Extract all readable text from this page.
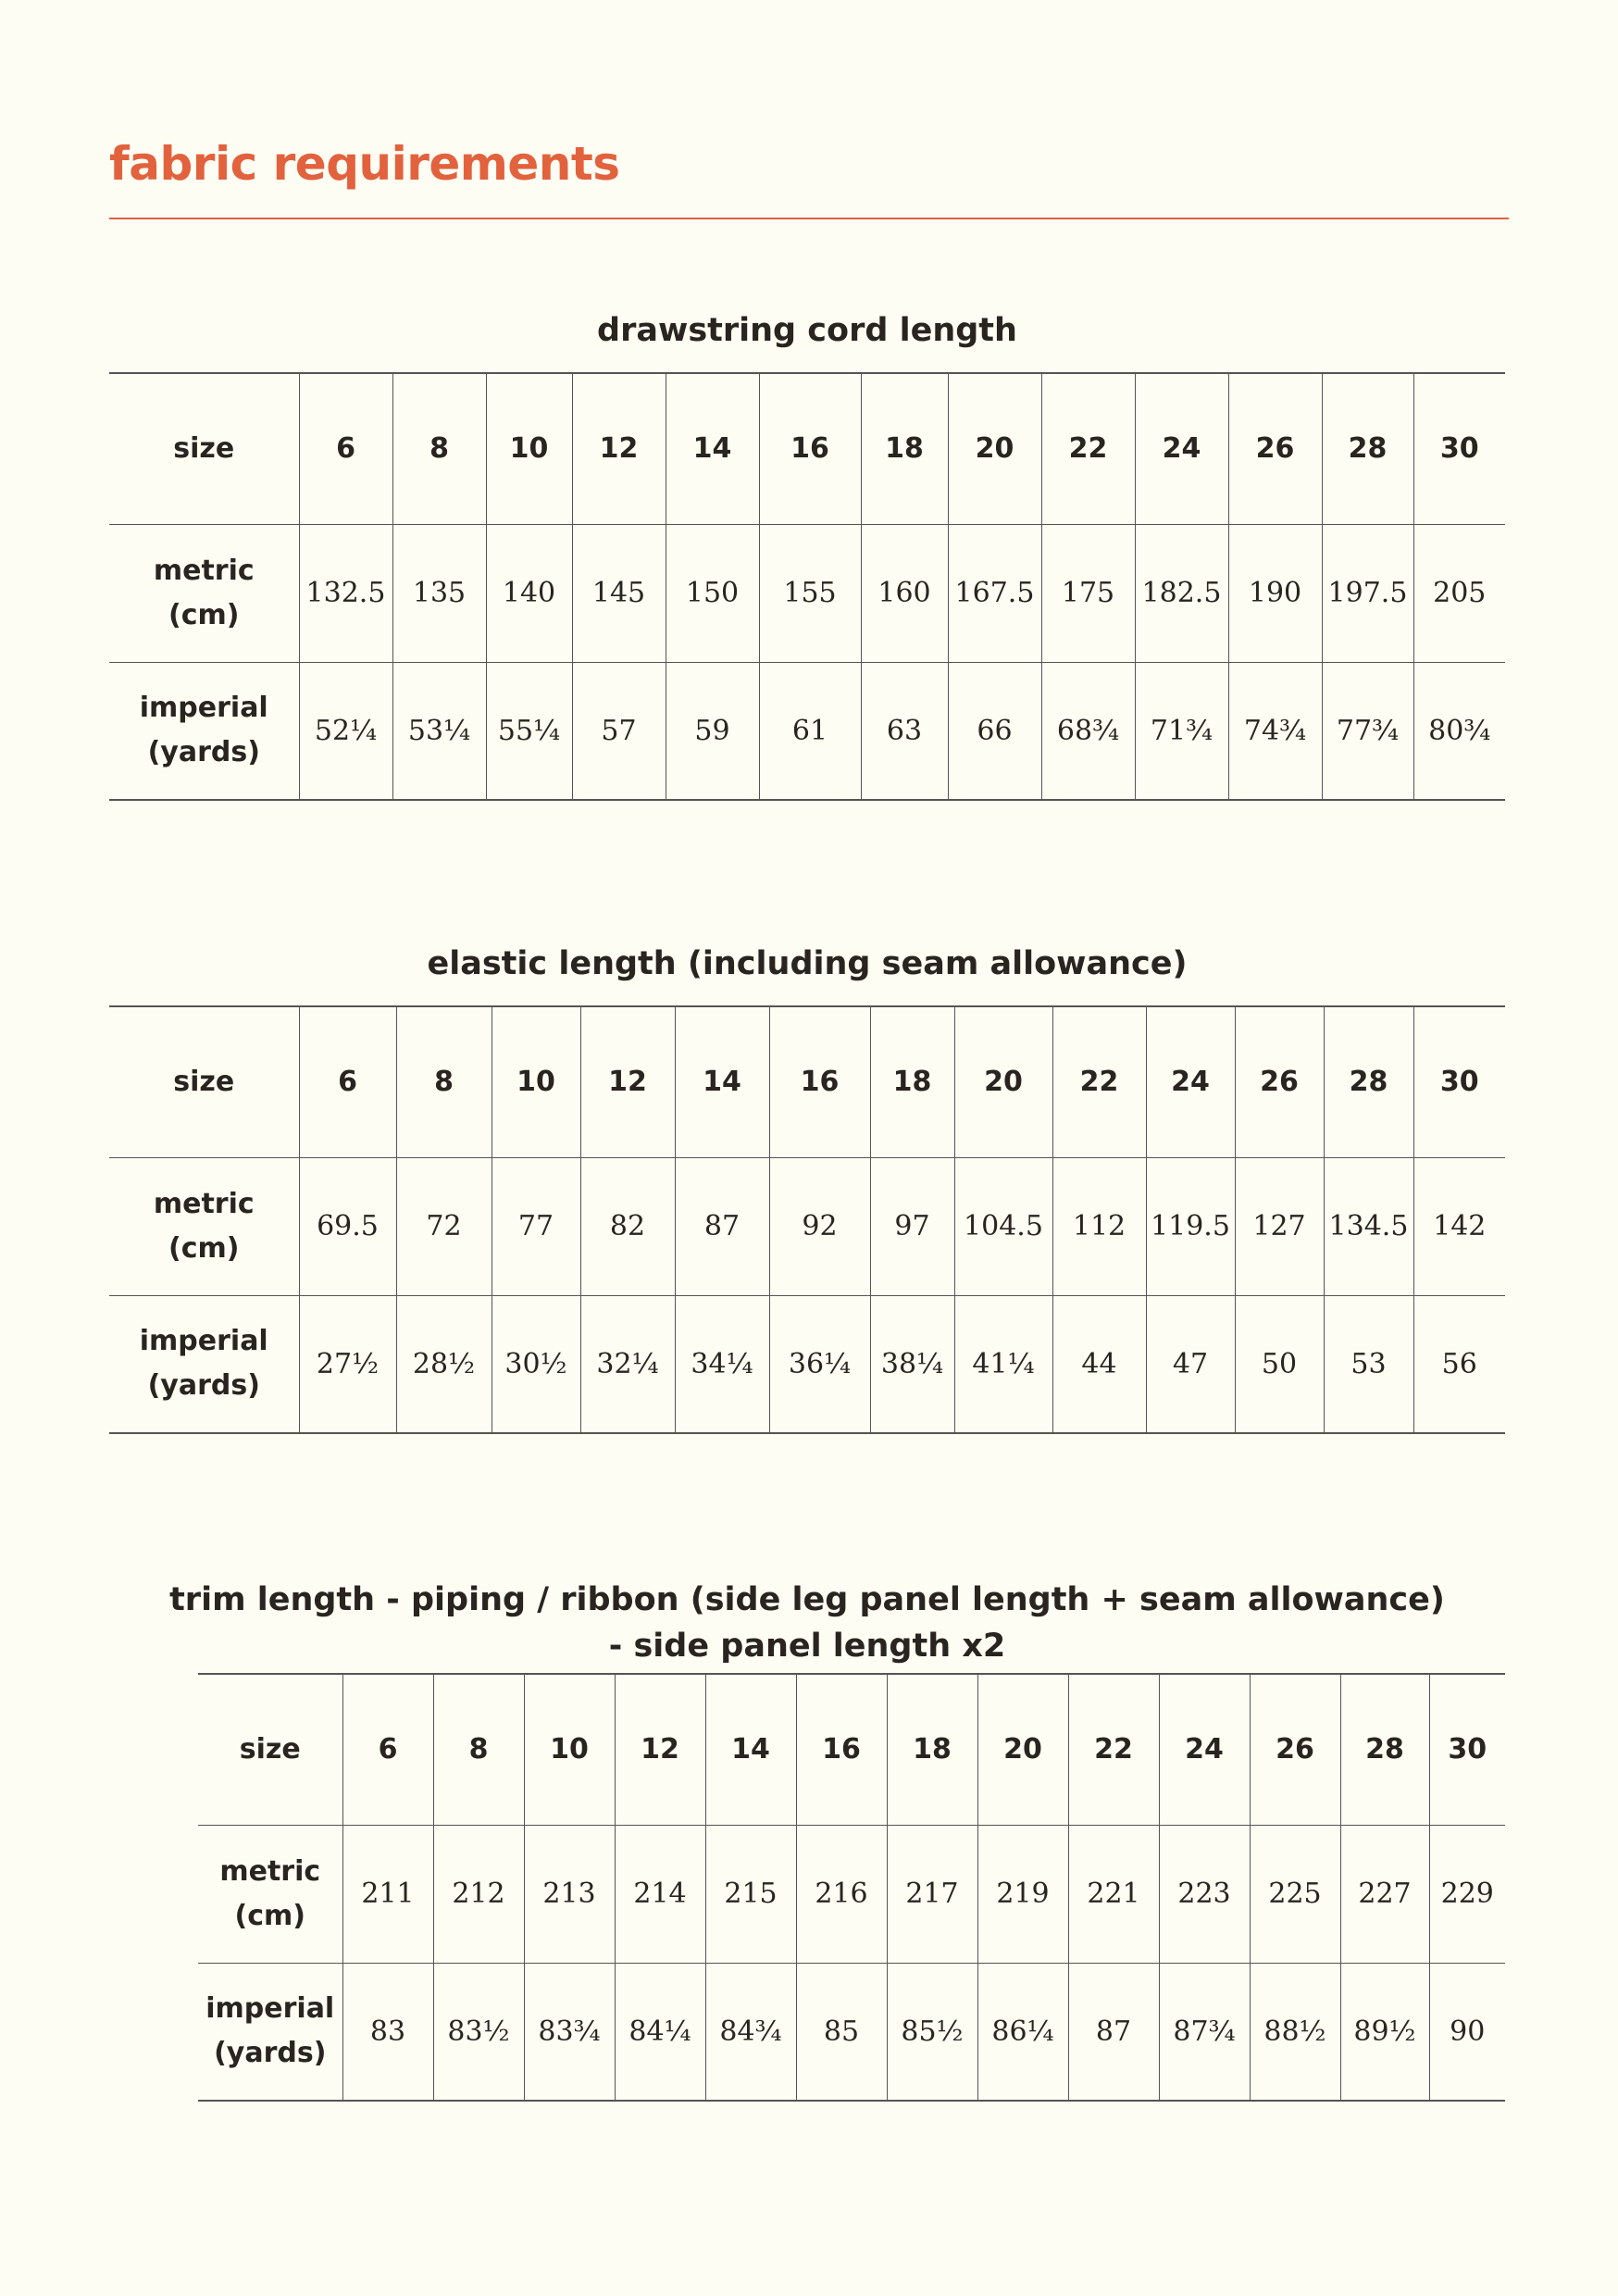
fabric requirements
drawstring cord length
size	6	8	10	12	14	16	18	20	22	24	26	28	30

metric
(cm)	132.5	135	140	145	150	155	160	167.5	175	182.5	190	197.5	205

imperial
(yards)	52¼	53¼	55¼	57	59	61	63	66	68¾	71¾	74¾	77¾	80¾
elastic length (including seam allowance)
size	6	8	10	12	14	16	18	20	22	24	26	28	30

metric
(cm)	69.5	72	77	82	87	92	97	104.5	112	119.5	127	134.5	142

imperial
(yards)	27½	28½	30½	32¼	34¼	36¼	38¼	41¼	44	47	50	53	56
trim length - piping / ribbon (side leg panel length + seam allowance)
- side panel length x2
size	6	8	10	12	14	16	18	20	22	24	26	28	30

metric
(cm)	211	212	213	214	215	216	217	219	221	223	225	227	229

imperial
(yards)	83	83½	83¾	84¼	84¾	85	85½	86¼	87	87¾	88½	89½	90
